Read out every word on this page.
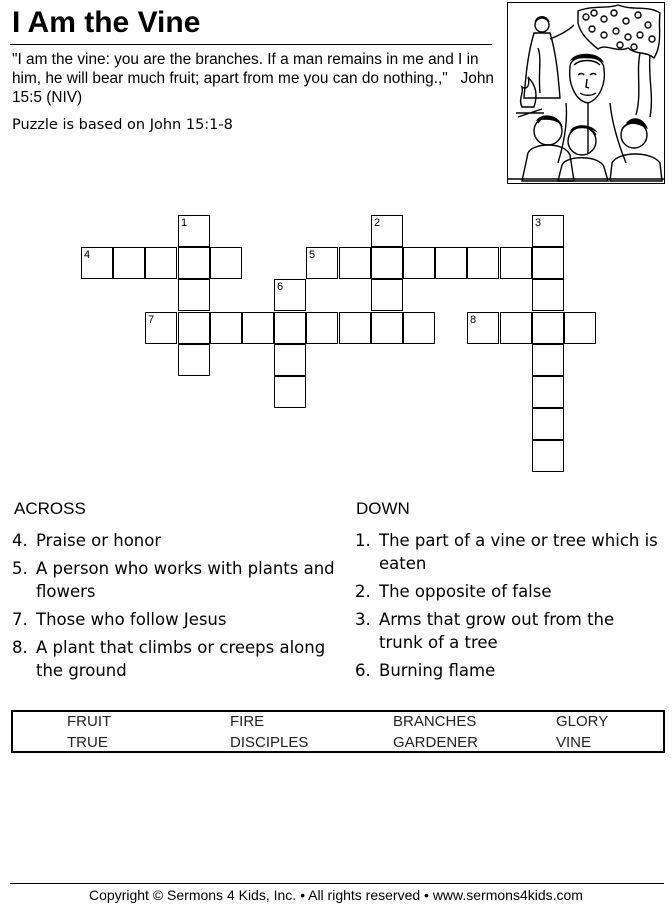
I Am the Vine
"I am the vine: you are the branches. If a man remains in me and I in him, he will bear much fruit; apart from me you can do nothing.," John 15:5 (NIV)
Puzzle is based on John 15:1-8
1	2	3
4	5
6
7	8
ACROSS
4. Praise or honor
5. A person who works with plants and flowers
7. Those who follow Jesus
8. A plant that climbs or creeps along the ground
DOWN
1. The part of a vine or tree which is eaten
2. The opposite of false
3. Arms that grow out from the trunk of a tree
6. Burning flame
FRUIT	FIRE	BRANCHES	GLORY
TRUE	DISCIPLES	GARDENER	VINE
Copyright © Sermons 4 Kids, Inc. • All rights reserved • www.sermons4kids.com
